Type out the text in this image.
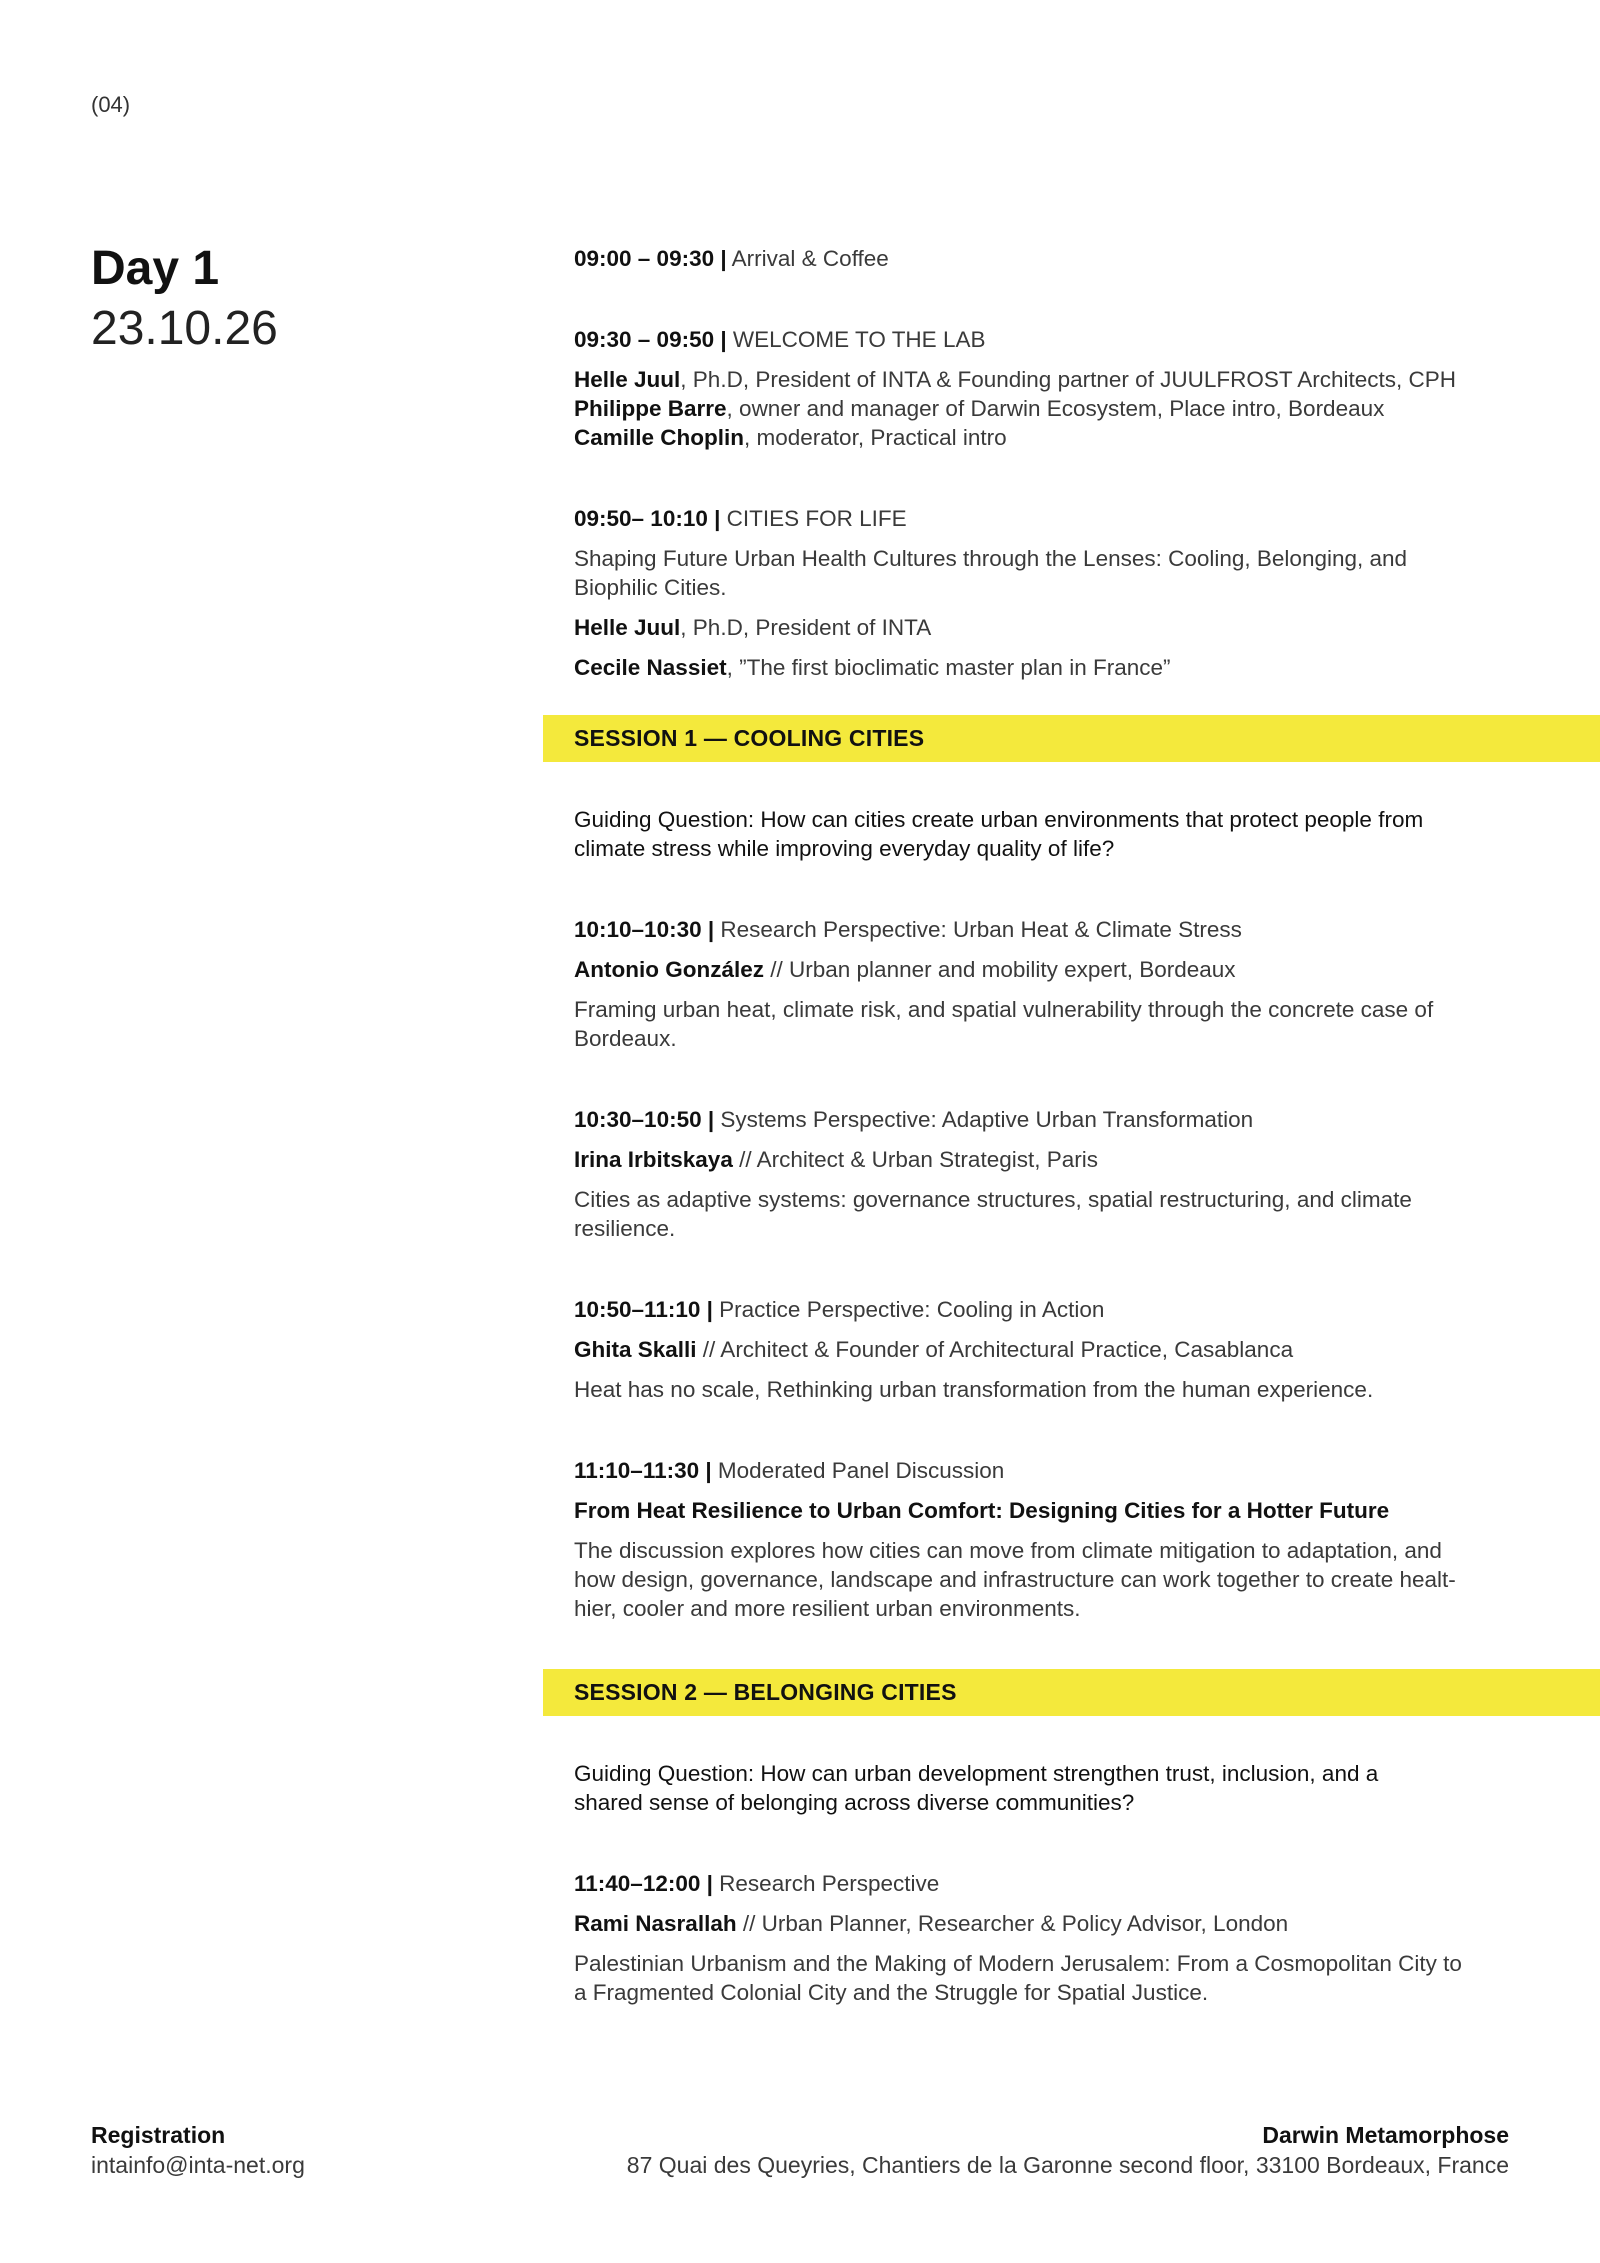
(04)
Day 1
23.10.26
09:00 – 09:30 | Arrival & Coffee
09:30 – 09:50 | WELCOME TO THE LAB
Helle Juul, Ph.D, President of INTA & Founding partner of JUULFROST Architects, CPH
Philippe Barre, owner and manager of Darwin Ecosystem, Place intro, Bordeaux
Camille Choplin, moderator, Practical intro
09:50– 10:10 | CITIES FOR LIFE
Shaping Future Urban Health Cultures through the Lenses: Cooling, Belonging, and
Biophilic Cities.
Helle Juul, Ph.D, President of INTA
Cecile Nassiet, ”The first bioclimatic master plan in France”
SESSION 1 — COOLING CITIES
Guiding Question: How can cities create urban environments that protect people from
climate stress while improving everyday quality of life?
10:10–10:30 | Research Perspective: Urban Heat & Climate Stress
Antonio González // Urban planner and mobility expert, Bordeaux
Framing urban heat, climate risk, and spatial vulnerability through the concrete case of
Bordeaux.
10:30–10:50 | Systems Perspective: Adaptive Urban Transformation
Irina Irbitskaya // Architect & Urban Strategist, Paris
Cities as adaptive systems: governance structures, spatial restructuring, and climate
resilience.
10:50–11:10 | Practice Perspective: Cooling in Action
Ghita Skalli // Architect & Founder of Architectural Practice, Casablanca
Heat has no scale, Rethinking urban transformation from the human experience.
11:10–11:30 | Moderated Panel Discussion
From Heat Resilience to Urban Comfort: Designing Cities for a Hotter Future
The discussion explores how cities can move from climate mitigation to adaptation, and
how design, governance, landscape and infrastructure can work together to create healt-
hier, cooler and more resilient urban environments.
SESSION 2 — BELONGING CITIES
Guiding Question: How can urban development strengthen trust, inclusion, and a
shared sense of belonging across diverse communities?
11:40–12:00 | Research Perspective
Rami Nasrallah // Urban Planner, Researcher & Policy Advisor, London
Palestinian Urbanism and the Making of Modern Jerusalem: From a Cosmopolitan City to
a Fragmented Colonial City and the Struggle for Spatial Justice.
Registration
intainfo@inta-net.org
Darwin Metamorphose
87 Quai des Queyries, Chantiers de la Garonne second floor, 33100 Bordeaux, France
